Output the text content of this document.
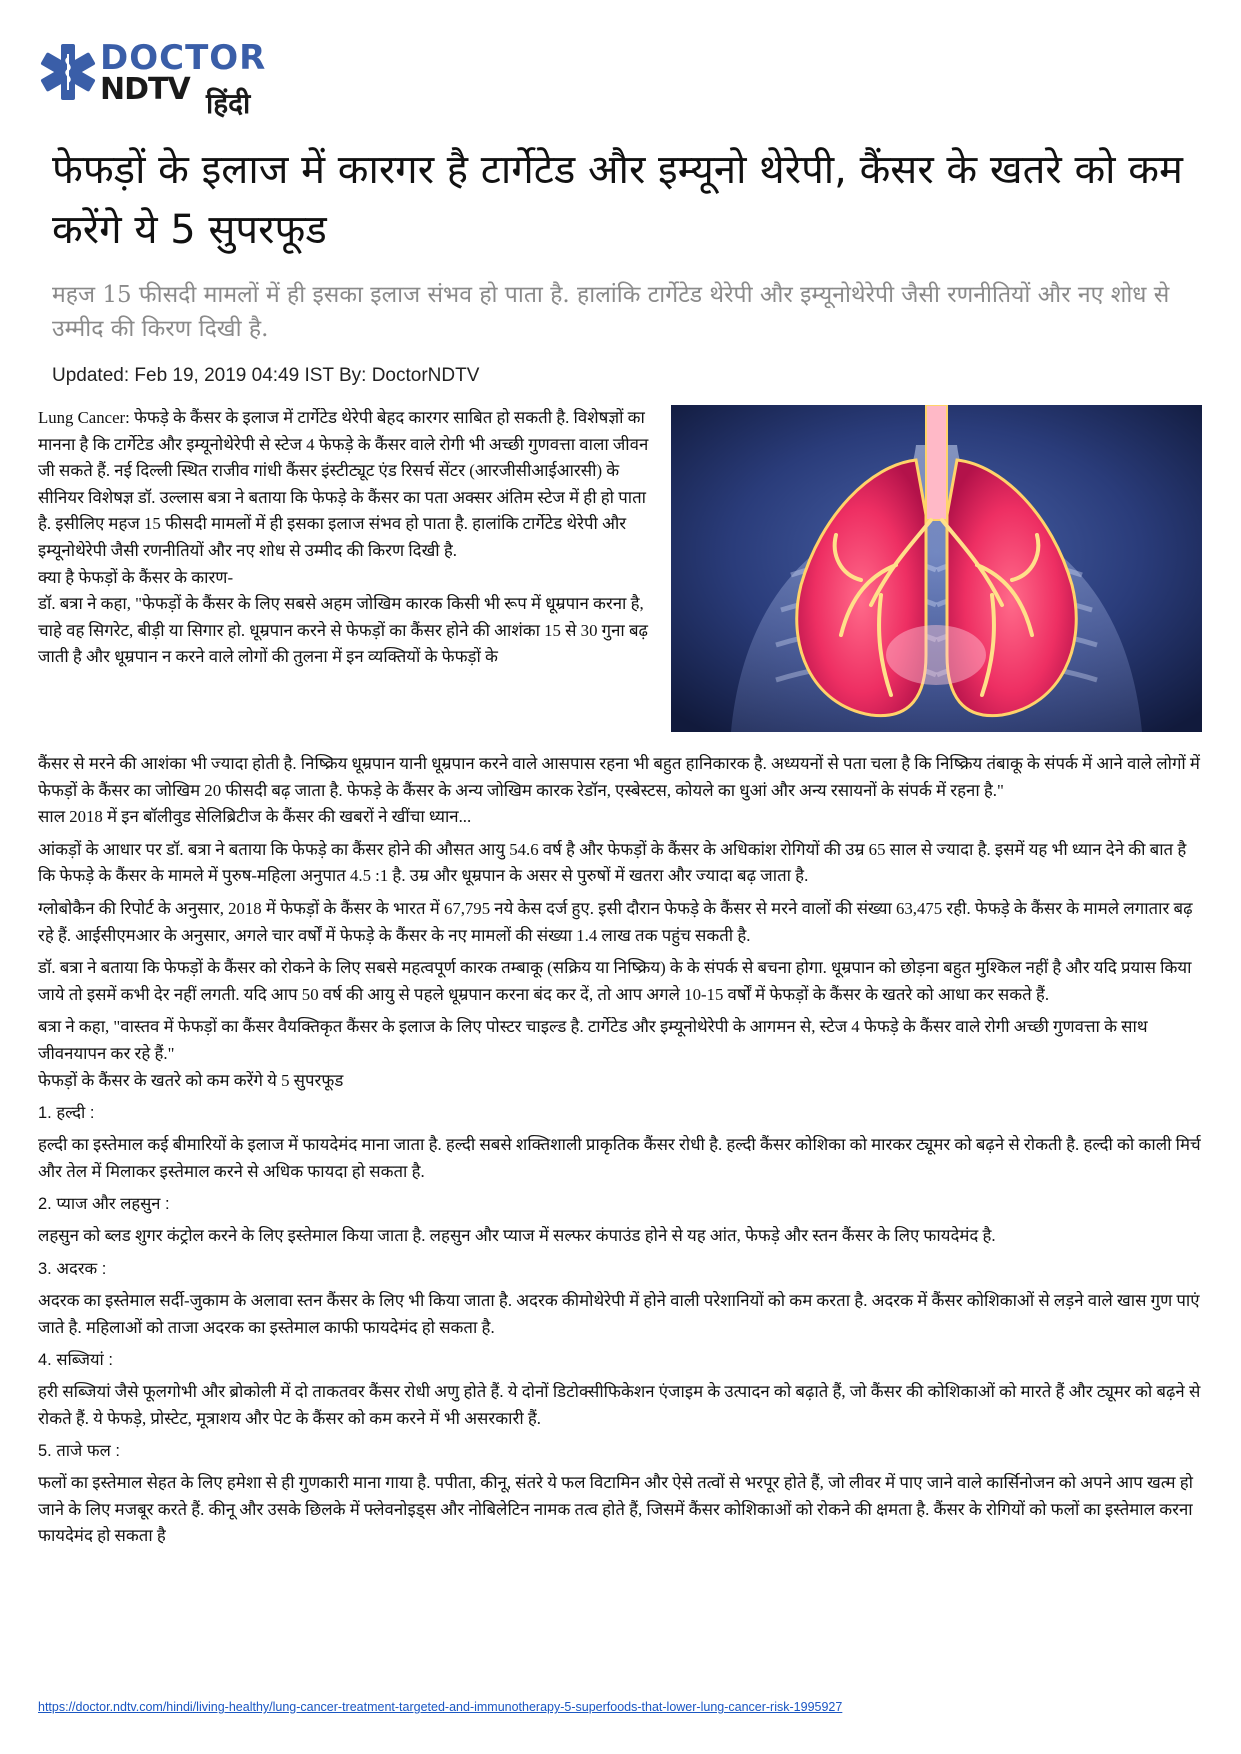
DOCTOR
NDTV हिंदी
फेफड़ों के इलाज में कारगर है टार्गेटेड और इम्यूनो थेरेपी, कैंसर के खतरे को कम करेंगे ये 5 सुपरफूड

महज 15 फीसदी मामलों में ही इसका इलाज संभव हो पाता है. हालांकि टार्गेटेड थेरेपी और इम्यूनोथेरेपी जैसी रणनीतियों और नए शोध से उम्मीद की किरण दिखी है.

Updated: Feb 19, 2019 04:49 IST By: DoctorNDTV

Lung Cancer: फेफड़े के कैंसर के इलाज में टार्गेटेड थेरेपी बेहद कारगर साबित हो सकती है. विशेषज्ञों का मानना है कि टार्गेटेड और इम्यूनोथेरेपी से स्टेज 4 फेफड़े के कैंसर वाले रोगी भी अच्छी गुणवत्ता वाला जीवन जी सकते हैं. नई दिल्ली स्थित राजीव गांधी कैंसर इंस्टीट्यूट एंड रिसर्च सेंटर (आरजीसीआईआरसी) के सीनियर विशेषज्ञ डॉ. उल्लास बत्रा ने बताया कि फेफड़े के कैंसर का पता अक्सर अंतिम स्टेज में ही हो पाता है. इसीलिए महज 15 फीसदी मामलों में ही इसका इलाज संभव हो पाता है. हालांकि टार्गेटेड थेरेपी और इम्यूनोथेरेपी जैसी रणनीतियों और नए शोध से उम्मीद की किरण दिखी है.

क्या है फेफड़ों के कैंसर के कारण-

डॉ. बत्रा ने कहा, "फेफड़ों के कैंसर के लिए सबसे अहम जोखिम कारक किसी भी रूप में धूम्रपान करना है, चाहे वह सिगरेट, बीड़ी या सिगार हो. धूम्रपान करने से फेफड़ों का कैंसर होने की आशंका 15 से 30 गुना बढ़ जाती है और धूम्रपान न करने वाले लोगों की तुलना में इन व्यक्तियों के फेफड़ों के

कैंसर से मरने की आशंका भी ज्यादा होती है. निष्क्रिय धूम्रपान यानी धूम्रपान करने वाले आसपास रहना भी बहुत हानिकारक है. अध्ययनों से पता चला है कि निष्क्रिय तंबाकू के संपर्क में आने वाले लोगों में फेफड़ों के कैंसर का जोखिम 20 फीसदी बढ़ जाता है. फेफड़े के कैंसर के अन्य जोखिम कारक रेडॉन, एस्बेस्टस, कोयले का धुआं और अन्य रसायनों के संपर्क में रहना है."

साल 2018 में इन बॉलीवुड सेलिब्रिटीज के कैंसर की खबरों ने खींचा ध्यान...

आंकड़ों के आधार पर डॉ. बत्रा ने बताया कि फेफड़े का कैंसर होने की औसत आयु 54.6 वर्ष है और फेफड़ों के कैंसर के अधिकांश रोगियों की उम्र 65 साल से ज्यादा है. इसमें यह भी ध्यान देने की बात है कि फेफड़े के कैंसर के मामले में पुरुष-महिला अनुपात 4.5 :1 है. उम्र और धूम्रपान के असर से पुरुषों में खतरा और ज्यादा बढ़ जाता है.

ग्लोबोकैन की रिपोर्ट के अनुसार, 2018 में फेफड़ों के कैंसर के भारत में 67,795 नये केस दर्ज हुए. इसी दौरान फेफड़े के कैंसर से मरने वालों की संख्या 63,475 रही. फेफड़े के कैंसर के मामले लगातार बढ़ रहे हैं. आईसीएमआर के अनुसार, अगले चार वर्षों में फेफड़े के कैंसर के नए मामलों की संख्या 1.4 लाख तक पहुंच सकती है.

डॉ. बत्रा ने बताया कि फेफड़ों के कैंसर को रोकने के लिए सबसे महत्वपूर्ण कारक तम्बाकू (सक्रिय या निष्क्रिय) के के संपर्क से बचना होगा. धूम्रपान को छोड़ना बहुत मुश्किल नहीं है और यदि प्रयास किया जाये तो इसमें कभी देर नहीं लगती. यदि आप 50 वर्ष की आयु से पहले धूम्रपान करना बंद कर दें, तो आप अगले 10-15 वर्षों में फेफड़ों के कैंसर के खतरे को आधा कर सकते हैं.

बत्रा ने कहा, "वास्तव में फेफड़ों का कैंसर वैयक्तिकृत कैंसर के इलाज के लिए पोस्टर चाइल्ड है. टार्गेटेड और इम्यूनोथेरेपी के आगमन से, स्टेज 4 फेफड़े के कैंसर वाले रोगी अच्छी गुणवत्ता के साथ जीवनयापन कर रहे हैं."

फेफड़ों के कैंसर के खतरे को कम करेंगे ये 5 सुपरफूड

1. हल्दी :

हल्दी का इस्तेमाल कई बीमारियों के इलाज में फायदेमंद माना जाता है. हल्दी सबसे शक्तिशाली प्राकृतिक कैंसर रोधी है. हल्दी कैंसर कोशिका को मारकर ट्यूमर को बढ़ने से रोकती है. हल्दी को काली मिर्च और तेल में मिलाकर इस्तेमाल करने से अधिक फायदा हो सकता है.

2. प्याज और लहसुन :

लहसुन को ब्लड शुगर कंट्रोल करने के लिए इस्तेमाल किया जाता है. लहसुन और प्याज में सल्फर कंपाउंड होने से यह आंत, फेफड़े और स्तन कैंसर के लिए फायदेमंद है.

3. अदरक :

अदरक का इस्तेमाल सर्दी-जुकाम के अलावा स्तन कैंसर के लिए भी किया जाता है. अदरक कीमोथेरेपी में होने वाली परेशानियों को कम करता है. अदरक में कैंसर कोशिकाओं से लड़ने वाले खास गुण पाएं जाते है. महिलाओं को ताजा अदरक का इस्तेमाल काफी फायदेमंद हो सकता है.

4. सब्जियां :

हरी सब्जियां जैसे फूलगोभी और ब्रोकोली में दो ताकतवर कैंसर रोधी अणु होते हैं. ये दोनों डिटोक्सीफिकेशन एंजाइम के उत्पादन को बढ़ाते हैं, जो कैंसर की कोशिकाओं को मारते हैं और ट्यूमर को बढ़ने से रोकते हैं. ये फेफड़े, प्रोस्टेट, मूत्राशय और पेट के कैंसर को कम करने में भी असरकारी हैं.

5. ताजे फल :

फलों का इस्तेमाल सेहत के लिए हमेशा से ही गुणकारी माना गाया है. पपीता, कीनू, संतरे ये फल विटामिन और ऐसे तत्वों से भरपूर होते हैं, जो लीवर में पाए जाने वाले कार्सिनोजन को अपने आप खत्म हो जाने के लिए मजबूर करते हैं. कीनू और उसके छिलके में फ्लेवनोइड्स और नोबिलेटिन नामक तत्व होते हैं, जिसमें कैंसर कोशिकाओं को रोकने की क्षमता है. कैंसर के रोगियों को फलों का इस्तेमाल करना फायदेमंद हो सकता है

https://doctor.ndtv.com/hindi/living-healthy/lung-cancer-treatment-targeted-and-immunotherapy-5-superfoods-that-lower-lung-cancer-risk-1995927
